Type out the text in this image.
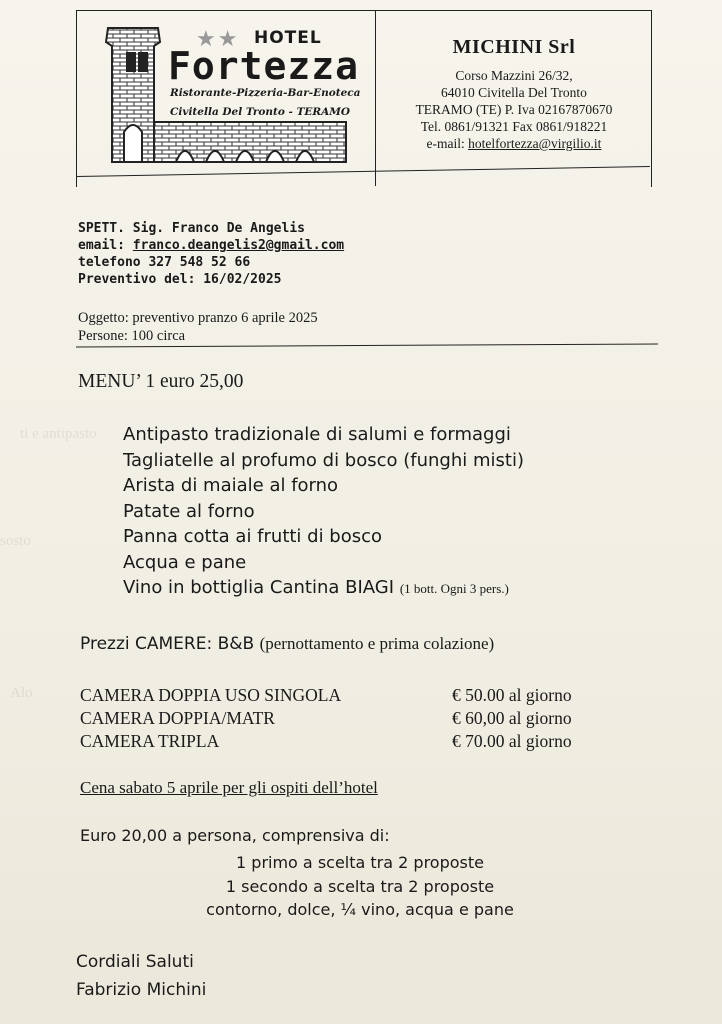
ti e antipasto
sosto
Alo
★★ HOTEL
Fortezza
Ristorante-Pizzeria-Bar-Enoteca
Civitella Del Tronto - TERAMO
MICHINI Srl
Corso Mazzini 26/32,
64010 Civitella Del Tronto
TERAMO (TE) P. Iva 02167870670
Tel. 0861/91321 Fax 0861/918221
e-mail: hotelfortezza@virgilio.it
SPETT. Sig. Franco De Angelis
email: franco.deangelis2@gmail.com
telefono 327 548 52 66
Preventivo del: 16/02/2025
Oggetto: preventivo pranzo 6 aprile 2025
Persone: 100 circa
MENU’ 1 euro 25,00
Antipasto tradizionale di salumi e formaggi
Tagliatelle al profumo di bosco (funghi misti)
Arista di maiale al forno
Patate al forno
Panna cotta ai frutti di bosco
Acqua e pane
Vino in bottiglia Cantina BIAGI (1 bott. Ogni 3 pers.)
Prezzi CAMERE: B&B (pernottamento e prima colazione)
CAMERA DOPPIA USO SINGOLA	€ 50.00 al giorno
CAMERA DOPPIA/MATR	€ 60,00 al giorno
CAMERA TRIPLA	€ 70.00 al giorno
Cena sabato 5 aprile per gli ospiti dell’hotel
Euro 20,00 a persona, comprensiva di:
1 primo a scelta tra 2 proposte
1 secondo a scelta tra 2 proposte
contorno, dolce, ¼ vino, acqua e pane
Cordiali Saluti
Fabrizio Michini
